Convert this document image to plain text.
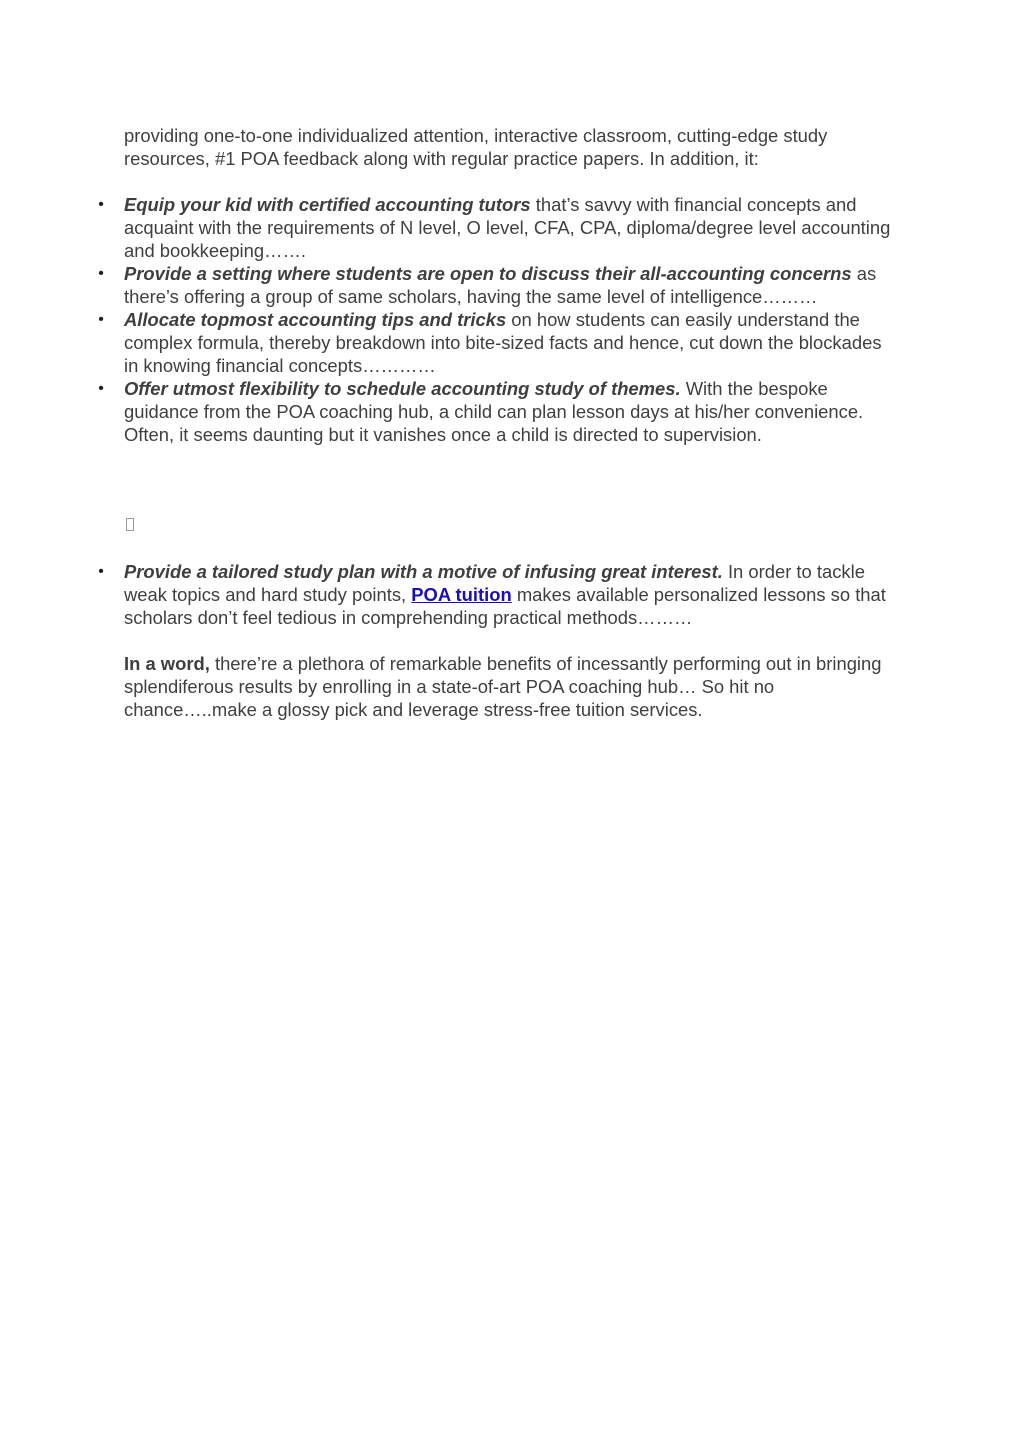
providing one-to-one individualized attention, interactive classroom, cutting-edge study resources, #1 POA feedback along with regular practice papers. In addition, it:

• Equip your kid with certified accounting tutors that’s savvy with financial concepts and acquaint with the requirements of N level, O level, CFA, CPA, diploma/degree level accounting and bookkeeping…….
• Provide a setting where students are open to discuss their all-accounting concerns as there’s offering a group of same scholars, having the same level of intelligence………
• Allocate topmost accounting tips and tricks on how students can easily understand the complex formula, thereby breakdown into bite-sized facts and hence, cut down the blockades in knowing financial concepts…………
• Offer utmost flexibility to schedule accounting study of themes. With the bespoke guidance from the POA coaching hub, a child can plan lesson days at his/her convenience. Often, it seems daunting but it vanishes once a child is directed to supervision.
• Provide a tailored study plan with a motive of infusing great interest. In order to tackle weak topics and hard study points, POA tuition makes available personalized lessons so that scholars don’t feel tedious in comprehending practical methods………

In a word, there’re a plethora of remarkable benefits of incessantly performing out in bringing splendiferous results by enrolling in a state-of-art POA coaching hub… So hit no chance…..make a glossy pick and leverage stress-free tuition services.
